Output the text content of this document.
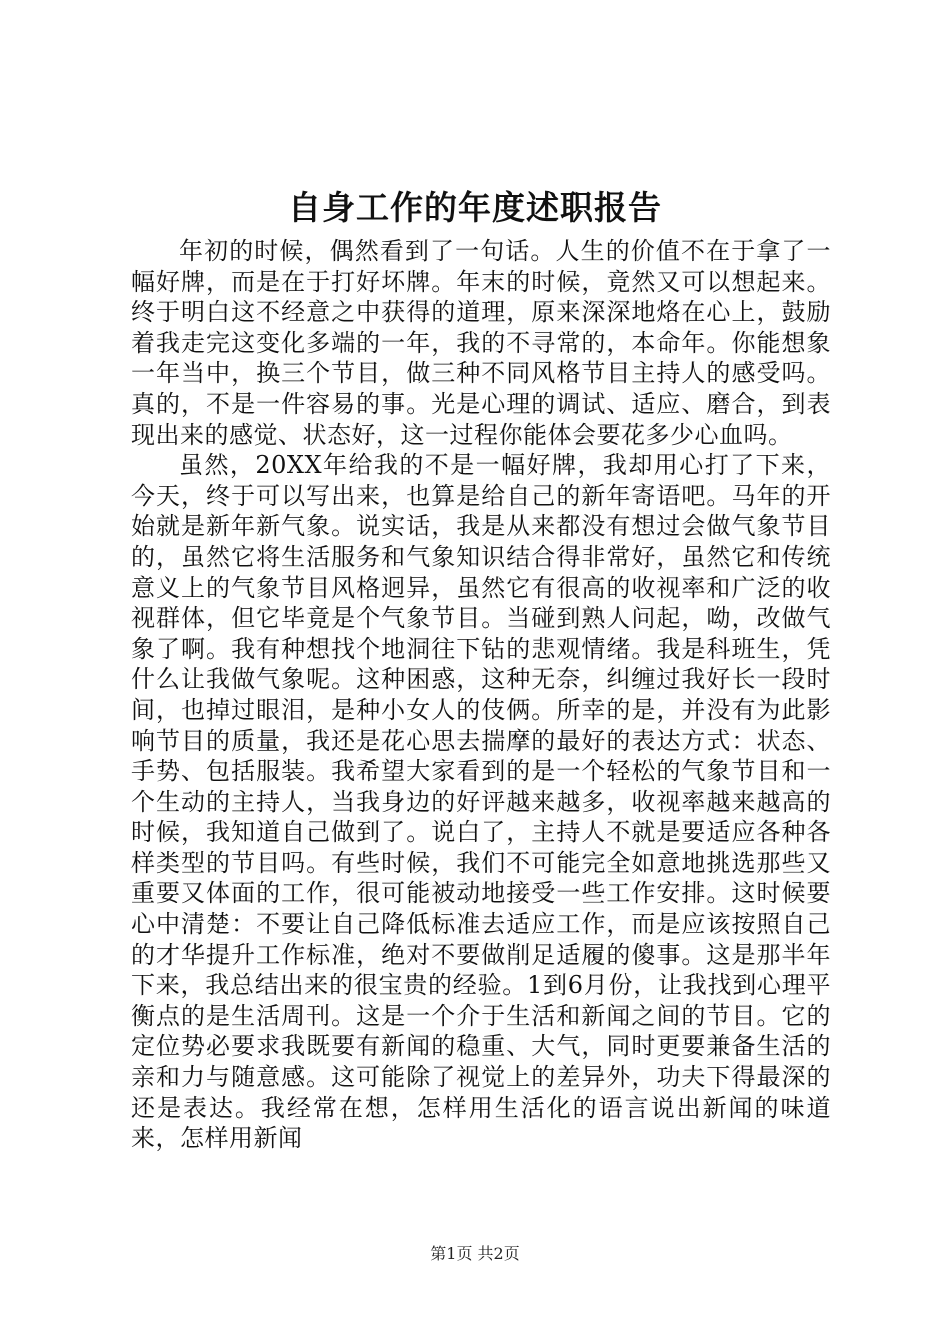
自身工作的年度述职报告

年初的时候，偶然看到了一句话。人生的价值不在于拿了一幅好牌，而是在于打好坏牌。年末的时候，竟然又可以想起来。终于明白这不经意之中获得的道理，原来深深地烙在心上，鼓励着我走完这变化多端的一年，我的不寻常的，本命年。你能想象一年当中，换三个节目，做三种不同风格节目主持人的感受吗。真的，不是一件容易的事。光是心理的调试、适应、磨合，到表现出来的感觉、状态好，这一过程你能体会要花多少心血吗。

虽然，20XX年给我的不是一幅好牌，我却用心打了下来，今天，终于可以写出来，也算是给自己的新年寄语吧。马年的开始就是新年新气象。说实话，我是从来都没有想过会做气象节目的，虽然它将生活服务和气象知识结合得非常好，虽然它和传统意义上的气象节目风格迥异，虽然它有很高的收视率和广泛的收视群体，但它毕竟是个气象节目。当碰到熟人问起，呦，改做气象了啊。我有种想找个地洞往下钻的悲观情绪。我是科班生，凭什么让我做气象呢。这种困惑，这种无奈，纠缠过我好长一段时间，也掉过眼泪，是种小女人的伎俩。所幸的是，并没有为此影响节目的质量，我还是花心思去揣摩的最好的表达方式：状态、手势、包括服装。我希望大家看到的是一个轻松的气象节目和一个生动的主持人，当我身边的好评越来越多，收视率越来越高的时候，我知道自己做到了。说白了，主持人不就是要适应各种各样类型的节目吗。有些时候，我们不可能完全如意地挑选那些又重要又体面的工作，很可能被动地接受一些工作安排。这时候要心中清楚：不要让自己降低标准去适应工作，而是应该按照自己的才华提升工作标准，绝对不要做削足适履的傻事。这是那半年下来，我总结出来的很宝贵的经验。1到6月份，让我找到心理平衡点的是生活周刊。这是一个介于生活和新闻之间的节目。它的定位势必要求我既要有新闻的稳重、大气，同时更要兼备生活的亲和力与随意感。这可能除了视觉上的差异外，功夫下得最深的还是表达。我经常在想，怎样用生活化的语言说出新闻的味道来，怎样用新闻

第1页 共2页
